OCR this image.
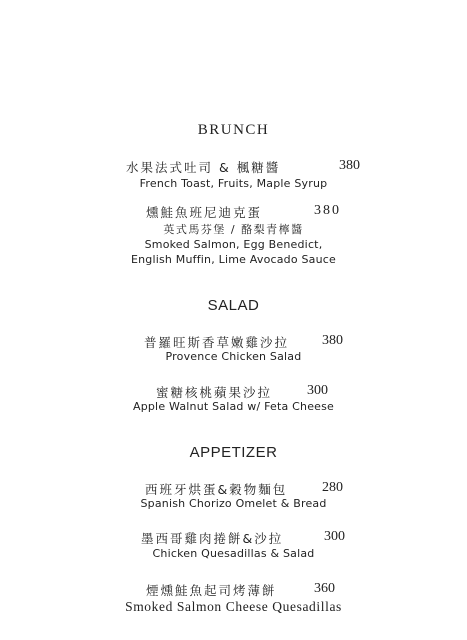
BRUNCH
水果法式吐司 & 楓糖醬	380
French Toast, Fruits, Maple Syrup
燻鮭魚班尼迪克蛋	380
英式馬芬堡 / 酪梨青檸醬
Smoked Salmon, Egg Benedict,
English Muffin, Lime Avocado Sauce
SALAD
普羅旺斯香草嫩雞沙拉 380
Provence Chicken Salad
蜜糖核桃蘋果沙拉 300
Apple Walnut Salad w/ Feta Cheese
APPETIZER
西班牙烘蛋&穀物麵包 280
Spanish Chorizo Omelet & Bread
墨西哥雞肉捲餅&沙拉	300
Chicken Quesadillas & Salad
煙燻鮭魚起司烤薄餅	360
Smoked Salmon Cheese Quesadillas
